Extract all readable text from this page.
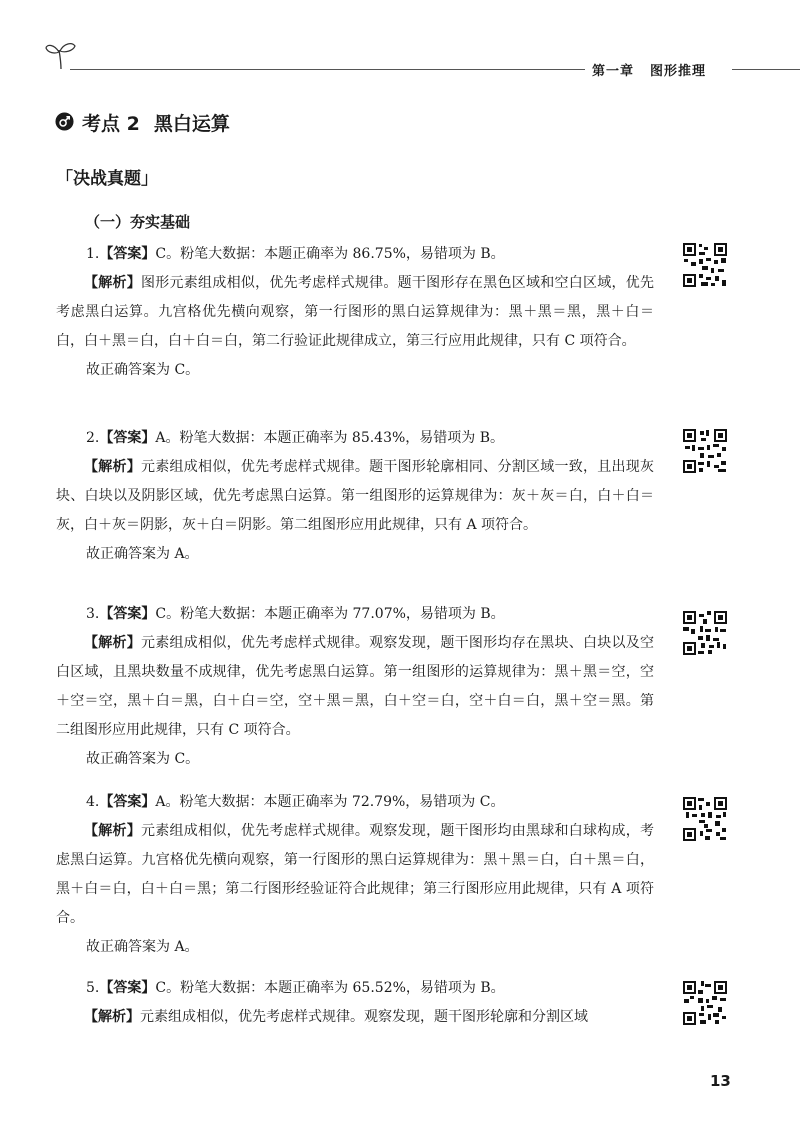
第一章 图形推理
考点 2 黑白运算
「决战真题」
（一）夯实基础

1.【答案】C。粉笔大数据：本题正确率为 86.75%，易错项为 B。

【解析】图形元素组成相似，优先考虑样式规律。题干图形存在黑色区域和空白区域，优先考虑黑白运算。九宫格优先横向观察，第一行图形的黑白运算规律为：黑＋黑＝黑，黑＋白＝白，白＋黑＝白，白＋白＝白，第二行验证此规律成立，第三行应用此规律，只有 C 项符合。

故正确答案为 C。

2.【答案】A。粉笔大数据：本题正确率为 85.43%，易错项为 B。

【解析】元素组成相似，优先考虑样式规律。题干图形轮廓相同、分割区域一致，且出现灰块、白块以及阴影区域，优先考虑黑白运算。第一组图形的运算规律为：灰＋灰＝白，白＋白＝灰，白＋灰＝阴影，灰＋白＝阴影。第二组图形应用此规律，只有 A 项符合。

故正确答案为 A。

3.【答案】C。粉笔大数据：本题正确率为 77.07%，易错项为 B。

【解析】元素组成相似，优先考虑样式规律。观察发现，题干图形均存在黑块、白块以及空白区域，且黑块数量不成规律，优先考虑黑白运算。第一组图形的运算规律为：黑＋黑＝空，空＋空＝空，黑＋白＝黑，白＋白＝空，空＋黑＝黑，白＋空＝白，空＋白＝白，黑＋空＝黑。第二组图形应用此规律，只有 C 项符合。

故正确答案为 C。

4.【答案】A。粉笔大数据：本题正确率为 72.79%，易错项为 C。

【解析】元素组成相似，优先考虑样式规律。观察发现，题干图形均由黑球和白球构成，考虑黑白运算。九宫格优先横向观察，第一行图形的黑白运算规律为：黑＋黑＝白，白＋黑＝白，黑＋白＝白，白＋白＝黑；第二行图形经验证符合此规律；第三行图形应用此规律，只有 A 项符合。

故正确答案为 A。

5.【答案】C。粉笔大数据：本题正确率为 65.52%，易错项为 B。

【解析】元素组成相似，优先考虑样式规律。观察发现，题干图形轮廓和分割区域

13
